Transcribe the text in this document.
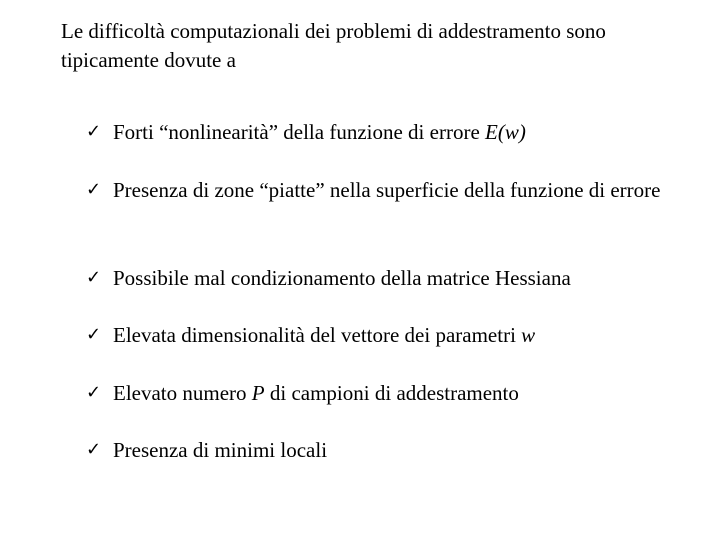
Le difficoltà computazionali dei problemi di addestramento sono tipicamente dovute a
✓ Forti “nonlinearità” della funzione di errore E(w)
✓ Presenza di zone “piatte” nella superficie della funzione di errore
✓ Possibile mal condizionamento della matrice Hessiana
✓ Elevata dimensionalità del vettore dei parametri w
✓ Elevato numero P di campioni di addestramento
✓ Presenza di minimi locali
